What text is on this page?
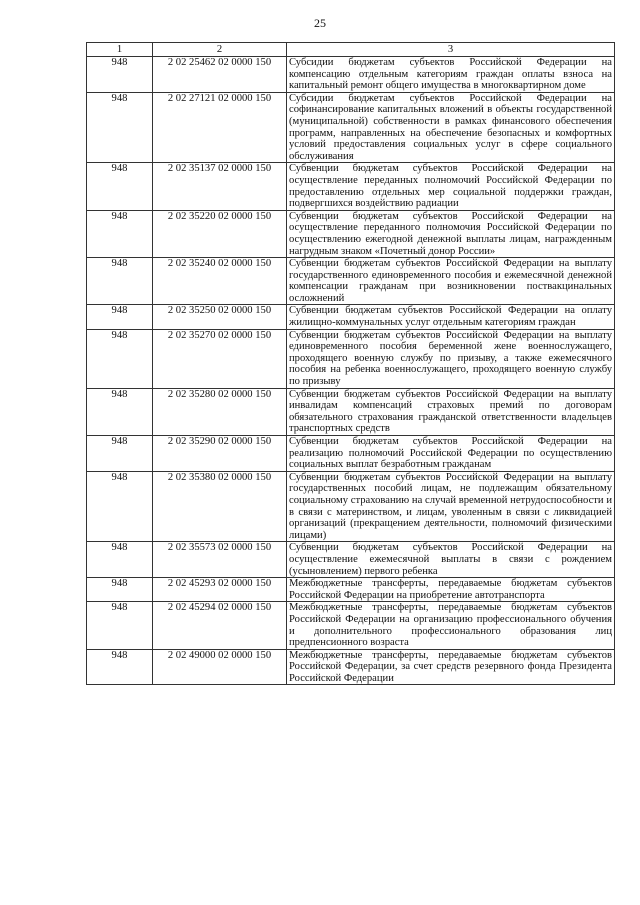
25
1	2	3
948	2 02 25462 02 0000 150	Субсидии бюджетам субъектов Российской Федерации на компенсацию отдельным категориям граждан оплаты взноса на капитальный ремонт общего имущества в многоквартирном доме
948	2 02 27121 02 0000 150	Субсидии бюджетам субъектов Российской Федерации на софинансирование капитальных вложений в объекты государственной (муниципальной) собственности в рамках финансового обеспечения программ, направленных на обеспечение безопасных и комфортных условий предоставления социальных услуг в сфере социального обслуживания
948	2 02 35137 02 0000 150	Субвенции бюджетам субъектов Российской Федерации на осуществление переданных полномочий Российской Федерации по предоставлению отдельных мер социальной поддержки граждан, подвергшихся воздействию радиации
948	2 02 35220 02 0000 150	Субвенции бюджетам субъектов Российской Федерации на осуществление переданного полномочия Российской Федерации по осуществлению ежегодной денежной выплаты лицам, награжденным нагрудным знаком «Почетный донор России»
948	2 02 35240 02 0000 150	Субвенции бюджетам субъектов Российской Федерации на выплату государственного единовременного пособия и ежемесячной денежной компенсации гражданам при возникновении поствакцинальных осложнений
948	2 02 35250 02 0000 150	Субвенции бюджетам субъектов Российской Федерации на оплату жилищно-коммунальных услуг отдельным категориям граждан
948	2 02 35270 02 0000 150	Субвенции бюджетам субъектов Российской Федерации на выплату единовременного пособия беременной жене военнослужащего, проходящего военную службу по призыву, а также ежемесячного пособия на ребенка военнослужащего, проходящего военную службу по призыву
948	2 02 35280 02 0000 150	Субвенции бюджетам субъектов Российской Федерации на выплату инвалидам компенсаций страховых премий по договорам обязательного страхования гражданской ответственности владельцев транспортных средств
948	2 02 35290 02 0000 150	Субвенции бюджетам субъектов Российской Федерации на реализацию полномочий Российской Федерации по осуществлению социальных выплат безработным гражданам
948	2 02 35380 02 0000 150	Субвенции бюджетам субъектов Российской Федерации на выплату государственных пособий лицам, не подлежащим обязательному социальному страхованию на случай временной нетрудоспособности и в связи с материнством, и лицам, уволенным в связи с ликвидацией организаций (прекращением деятельности, полномочий физическими лицами)
948	2 02 35573 02 0000 150	Субвенции бюджетам субъектов Российской Федерации на осуществление ежемесячной выплаты в связи с рождением (усыновлением) первого ребенка
948	2 02 45293 02 0000 150	Межбюджетные трансферты, передаваемые бюджетам субъектов Российской Федерации на приобретение автотранспорта
948	2 02 45294 02 0000 150	Межбюджетные трансферты, передаваемые бюджетам субъектов Российской Федерации на организацию профессионального обучения и дополнительного профессионального образования лиц предпенсионного возраста
948	2 02 49000 02 0000 150	Межбюджетные трансферты, передаваемые бюджетам субъектов Российской Федерации, за счет средств резервного фонда Президента Российской Федерации
